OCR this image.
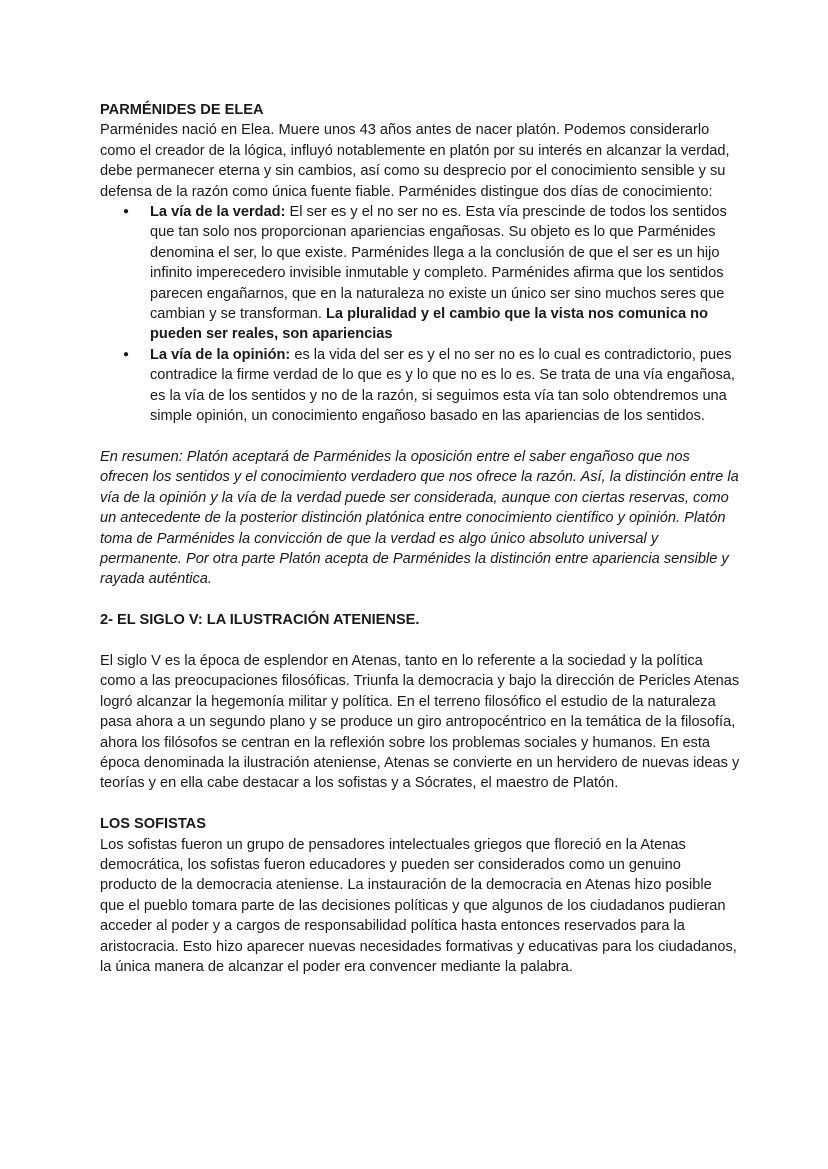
PARMÉNIDES DE ELEA

Parménides nació en Elea. Muere unos 43 años antes de nacer platón. Podemos considerarlo como el creador de la lógica, influyó notablemente en platón por su interés en alcanzar la verdad, debe permanecer eterna y sin cambios, así como su desprecio por el conocimiento sensible y su defensa de la razón como única fuente fiable. Parménides distingue dos días de conocimiento:

● La vía de la verdad: El ser es y el no ser no es. Esta vía prescinde de todos los sentidos que tan solo nos proporcionan apariencias engañosas. Su objeto es lo que Parménides denomina el ser, lo que existe. Parménides llega a la conclusión de que el ser es un hijo infinito imperecedero invisible inmutable y completo. Parménides afirma que los sentidos parecen engañarnos, que en la naturaleza no existe un único ser sino muchos seres que cambian y se transforman. La pluralidad y el cambio que la vista nos comunica no pueden ser reales, son apariencias
● La vía de la opinión: es la vida del ser es y el no ser no es lo cual es contradictorio, pues contradice la firme verdad de lo que es y lo que no es lo es. Se trata de una vía engañosa, es la vía de los sentidos y no de la razón, si seguimos esta vía tan solo obtendremos una simple opinión, un conocimiento engañoso basado en las apariencias de los sentidos.

En resumen: Platón aceptará de Parménides la oposición entre el saber engañoso que nos ofrecen los sentidos y el conocimiento verdadero que nos ofrece la razón. Así, la distinción entre la vía de la opinión y la vía de la verdad puede ser considerada, aunque con ciertas reservas, como un antecedente de la posterior distinción platónica entre conocimiento científico y opinión. Platón toma de Parménides la convicción de que la verdad es algo único absoluto universal y permanente. Por otra parte Platón acepta de Parménides la distinción entre apariencia sensible y rayada auténtica.

2- EL SIGLO V: LA ILUSTRACIÓN ATENIENSE.

El siglo V es la época de esplendor en Atenas, tanto en lo referente a la sociedad y la política como a las preocupaciones filosóficas. Triunfa la democracia y bajo la dirección de Pericles Atenas logró alcanzar la hegemonía militar y política. En el terreno filosófico el estudio de la naturaleza pasa ahora a un segundo plano y se produce un giro antropocéntrico en la temática de la filosofía, ahora los filósofos se centran en la reflexión sobre los problemas sociales y humanos. En esta época denominada la ilustración ateniense, Atenas se convierte en un hervidero de nuevas ideas y teorías y en ella cabe destacar a los sofistas y a Sócrates, el maestro de Platón.

LOS SOFISTAS

Los sofistas fueron un grupo de pensadores intelectuales griegos que floreció en la Atenas democrática, los sofistas fueron educadores y pueden ser considerados como un genuino producto de la democracia ateniense. La instauración de la democracia en Atenas hizo posible que el pueblo tomara parte de las decisiones políticas y que algunos de los ciudadanos pudieran acceder al poder y a cargos de responsabilidad política hasta entonces reservados para la aristocracia. Esto hizo aparecer nuevas necesidades formativas y educativas para los ciudadanos, la única manera de alcanzar el poder era convencer mediante la palabra.
